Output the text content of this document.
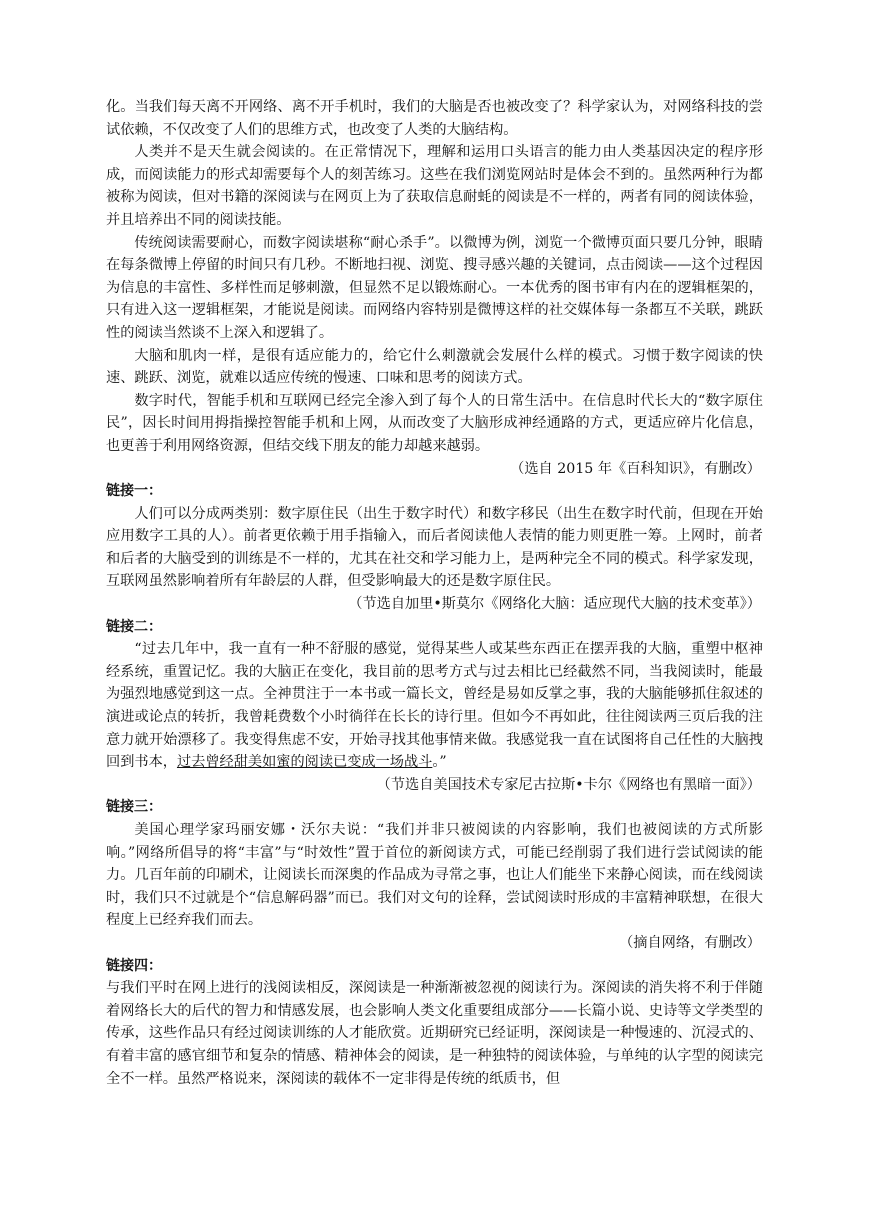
化。当我们每天离不开网络、离不开手机时，我们的大脑是否也被改变了？科学家认为，对网络科技的尝试依赖，不仅改变了人们的思维方式，也改变了人类的大脑结构。

人类并不是天生就会阅读的。在正常情况下，理解和运用口头语言的能力由人类基因决定的程序形成，而阅读能力的形式却需要每个人的刻苦练习。这些在我们浏览网站时是体会不到的。虽然两种行为都被称为阅读，但对书籍的深阅读与在网页上为了获取信息耐蚝的阅读是不一样的，两者有同的阅读体验，并且培养出不同的阅读技能。

传统阅读需要耐心，而数字阅读堪称“耐心杀手”。以微博为例，浏览一个微博页面只要几分钟，眼睛在每条微博上停留的时间只有几秒。不断地扫视、浏览、搜寻感兴趣的关键词，点击阅读——这个过程因为信息的丰富性、多样性而足够刺激，但显然不足以锻炼耐心。一本优秀的图书审有内在的逻辑框架的，只有进入这一逻辑框架，才能说是阅读。而网络内容特别是微博这样的社交媒体每一条都互不关联，跳跃性的阅读当然谈不上深入和逻辑了。

大脑和肌肉一样，是很有适应能力的，给它什么刺激就会发展什么样的模式。习惯于数字阅读的快速、跳跃、浏览，就难以适应传统的慢速、口味和思考的阅读方式。

数字时代，智能手机和互联网已经完全渗入到了每个人的日常生活中。在信息时代长大的“数字原住民”，因长时间用拇指操控智能手机和上网，从而改变了大脑形成神经通路的方式，更适应碎片化信息，也更善于利用网络资源，但结交线下朋友的能力却越来越弱。

（选自 2015 年《百科知识》，有删改）

链接一：

人们可以分成两类别：数字原住民（出生于数字时代）和数字移民（出生在数字时代前，但现在开始应用数字工具的人）。前者更依赖于用手指输入，而后者阅读他人表情的能力则更胜一筹。上网时，前者和后者的大脑受到的训练是不一样的，尤其在社交和学习能力上，是两种完全不同的模式。科学家发现，互联网虽然影响着所有年龄层的人群，但受影响最大的还是数字原住民。

（节选自加里•斯莫尔《网络化大脑：适应现代大脑的技术变革》）

链接二：

“过去几年中，我一直有一种不舒服的感觉，觉得某些人或某些东西正在摆弄我的大脑，重塑中枢神经系统，重置记忆。我的大脑正在变化，我目前的思考方式与过去相比已经截然不同，当我阅读时，能最为强烈地感觉到这一点。全神贯注于一本书或一篇长文，曾经是易如反掌之事，我的大脑能够抓住叙述的演进或论点的转折，我曾耗费数个小时徜徉在长长的诗行里。但如今不再如此，往往阅读两三页后我的注意力就开始漂移了。我变得焦虑不安，开始寻找其他事情来做。我感觉我一直在试图将自己任性的大脑拽回到书本，过去曾经甜美如蜜的阅读已变成一场战斗。”

（节选自美国技术专家尼古拉斯•卡尔《网络也有黑暗一面》）

链接三：

美国心理学家玛丽安娜・沃尔夫说：“我们并非只被阅读的内容影响，我们也被阅读的方式所影响。”网络所倡导的将“丰富”与“时效性”置于首位的新阅读方式，可能已经削弱了我们进行尝试阅读的能力。几百年前的印刷术，让阅读长而深奥的作品成为寻常之事，也让人们能坐下来静心阅读，而在线阅读时，我们只不过就是个“信息解码器”而已。我们对文句的诠释，尝试阅读时形成的丰富精神联想，在很大程度上已经弃我们而去。

（摘自网络，有删改）

链接四：

与我们平时在网上进行的浅阅读相反，深阅读是一种渐渐被忽视的阅读行为。深阅读的消失将不利于伴随着网络长大的后代的智力和情感发展，也会影响人类文化重要组成部分——长篇小说、史诗等文学类型的传承，这些作品只有经过阅读训练的人才能欣赏。近期研究已经证明，深阅读是一种慢速的、沉浸式的、有着丰富的感官细节和复杂的情感、精神体会的阅读，是一种独特的阅读体验，与单纯的认字型的阅读完全不一样。虽然严格说来，深阅读的载体不一定非得是传统的纸质书，但
